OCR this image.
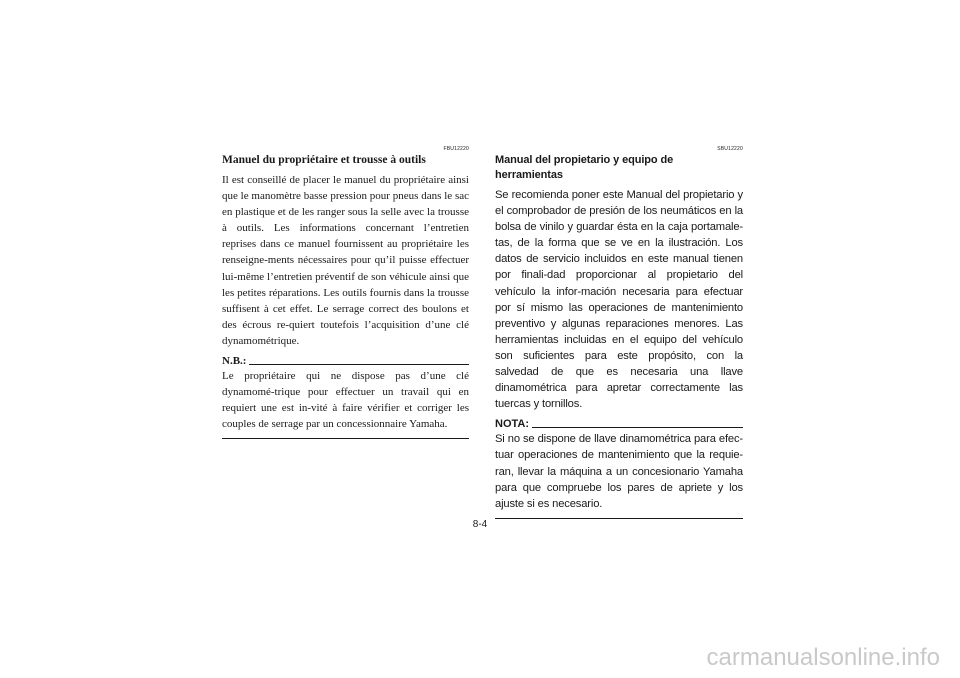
FBU12220
Manuel du propriétaire et trousse à outils

Il est conseillé de placer le manuel du propriétaire ainsi que le manomètre basse pression pour pneus dans le sac en plastique et de les ranger sous la selle avec la trousse à outils. Les informations concernant l’entretien reprises dans ce manuel fournissent au propriétaire les renseigne-ments nécessaires pour qu’il puisse effectuer lui-même l’entretien préventif de son véhicule ainsi que les petites réparations. Les outils fournis dans la trousse suffisent à cet effet. Le serrage correct des boulons et des écrous re-quiert toutefois l’acquisition d’une clé dynamométrique.

N.B.:

Le propriétaire qui ne dispose pas d’une clé dynamomé-trique pour effectuer un travail qui en requiert une est in-vité à faire vérifier et corriger les couples de serrage par un concessionnaire Yamaha.

SBU12220
Manual del propietario y equipo de herramientas

Se recomienda poner este Manual del propietario y el comprobador de presión de los neumáticos en la bolsa de vinilo y guardar ésta en la caja portamale-tas, de la forma que se ve en la ilustración. Los datos de servicio incluidos en este manual tienen por finali-dad proporcionar al propietario del vehículo la infor-mación necesaria para efectuar por sí mismo las operaciones de mantenimiento preventivo y algunas reparaciones menores. Las herramientas incluidas en el equipo del vehículo son suficientes para este propósito, con la salvedad de que es necesaria una llave dinamométrica para apretar correctamente las tuercas y tornillos.

NOTA:

Si no se dispone de llave dinamométrica para efec-tuar operaciones de mantenimiento que la requie-ran, llevar la máquina a un concesionario Yamaha para que compruebe los pares de apriete y los ajuste si es necesario.

8-4
carmanualsonline.info
